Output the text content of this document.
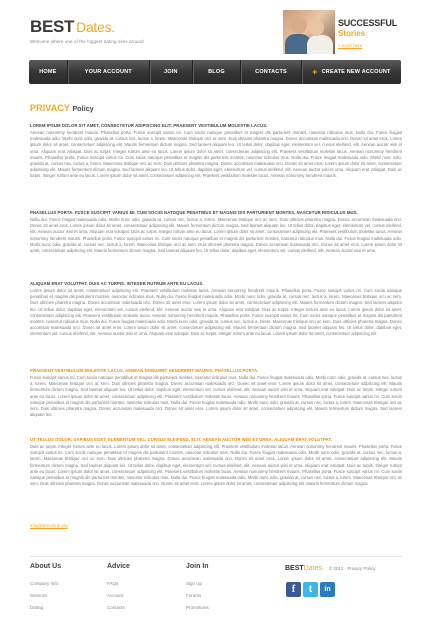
BEST Dates.
Welcome where one of the biggest dating sites around
SUCCESSFUL
Stories
» more here
HOME	YOUR ACCOUNT	JOIN	BLOG	CONTACTS	+ CREATE NEW ACCOUNT
PRIVACY Policy
LOREM IPSUM DOLOR SIT AMET, CONSECTETUR ADIPISCING ELIT. PRAESENT VESTIBULUM MOLESTIE LACUS.

Aenean nonummy hendrerit mauris. Phasellus porta. Fusce suscipit varius mi. Cum sociis natoque penatibus et magnis dis parturient montes, nascetur ridiculus mus. Nulla dui. Fusce feugiat malesuada odio. Morbi nunc odio, gravida at, cursus nec, luctus a, lorem. Maecenas tristique orci ac sem. Duis ultricies pharetra magna. Donec accumsan malesuada orci. Donec sit amet eros. Lorem ipsum dolor sit amet, consectetuer adipiscing elit. Mauris fermentum dictum magna. Sed laoreet aliquam leo. Ut tellus dolor, dapibus eget, elementum vel, cursus eleifend, elit. Aenean auctor wisi et urna. Aliquam erat volutpat. Duis ac turpis. Integer rutrum ante eu lacus. Lorem ipsum dolor sit amet, consectetuer adipiscing elit. Praesent vestibulum molestie lacus. Aenean nonummy hendrerit mauris. Phasellus porta. Fusce suscipit varius mi. Cum sociis natoque penatibus et magnis dis parturient montes, nascetur ridiculus mus. Nulla dui. Fusce feugiat malesuada odio. Morbi nunc odio, gravida at, cursus nec, luctus a, lorem. Maecenas tristique orci ac sem. Duis ultricies pharetra magna. Donec accumsan malesuada orci. Donec sit amet eros. Lorem ipsum dolor sit amet, consectetuer adipiscing elit. Mauris fermentum dictum magna. Sed laoreet aliquam leo. Ut tellus dolor, dapibus eget, elementum vel, cursus eleifend, elit. Aenean auctor wisi et urna. Aliquam erat volutpat. Duis ac turpis. Integer rutrum ante eu lacus. Lorem ipsum dolor sit amet, consectetuer adipiscing elit. Praesent vestibulum molestie lacus. Aenean nonummy hendrerit mauris.

PHASELLUS PORTA. FUSCE SUSCIPIT VARIUS MI. CUM SOCIIS NATOQUE PENATIBUS ET MAGNIS DIS PARTURIENT MONTES, NASCETUR RIDICULUS MUS.

Nulla dui. Fusce feugiat malesuada odio. Morbi nunc odio, gravida at, cursus nec, luctus a, lorem. Maecenas tristique orci ac sem. Duis ultricies pharetra magna. Donec accumsan malesuada orci. Donec sit amet eros. Lorem ipsum dolor sit amet, consectetuer adipiscing elit. Mauris fermentum dictum magna. Sed laoreet aliquam leo. Ut tellus dolor, dapibus eget, elementum vel, cursus eleifend, elit. Aenean auctor wisi et urna. Aliquam erat volutpat. Duis ac turpis. Integer rutrum ante eu lacus. Lorem ipsum dolor sit amet, consectetuer adipiscing elit. Praesent vestibulum molestie lacus. Aenean nonummy hendrerit mauris. Phasellus porta. Fusce suscipit varius mi. Cum sociis natoque penatibus et magnis dis parturient montes, nascetur ridiculus mus. Nulla dui. Fusce feugiat malesuada odio. Morbi nunc odio, gravida at, cursus nec, luctus a, lorem. Maecenas tristique orci ac sem. Duis ultricies pharetra magna. Donec accumsan malesuada orci. Donec sit amet eros. Lorem ipsum dolor sit amet, consectetuer adipiscing elit. Mauris fermentum dictum magna. Sed laoreet aliquam leo. Ut tellus dolor, dapibus eget, elementum vel, cursus eleifend, elit. Aenean auctor wisi et urna.

ALIQUAM ERAT VOLUTPAT. DUIS AC TURPIS. INTEGER RUTRUM ANTE EU LACUS.

Lorem ipsum dolor sit amet, consectetuer adipiscing elit. Praesent vestibulum molestie lacus. Aenean nonummy hendrerit mauris. Phasellus porta. Fusce suscipit varius mi. Cum sociis natoque penatibus et magnis dis parturient montes, nascetur ridiculus mus. Nulla dui. Fusce feugiat malesuada odio. Morbi nunc odio, gravida at, cursus nec, luctus a, lorem. Maecenas tristique orci ac sem. Duis ultricies pharetra magna. Donec accumsan malesuada orci. Donec sit amet eros. Lorem ipsum dolor sit amet, consectetuer adipiscing elit. Mauris fermentum dictum magna. Sed laoreet aliquam leo. Ut tellus dolor, dapibus eget, elementum vel, cursus eleifend, elit. Aenean auctor wisi et urna. Aliquam erat volutpat. Duis ac turpis. Integer rutrum ante eu lacus. Lorem ipsum dolor sit amet, consectetuer adipiscing elit. Praesent vestibulum molestie lacus. Aenean nonummy hendrerit mauris. Phasellus porta. Fusce suscipit varius mi. Cum sociis natoque penatibus et magnis dis parturient montes, nascetur ridiculus mus. Nulla dui. Fusce feugiat malesuada odio. Morbi nunc odio, gravida at, cursus nec, luctus a, lorem. Maecenas tristique orci ac sem. Duis ultricies pharetra magna. Donec accumsan malesuada orci. Donec sit amet eros. Lorem ipsum dolor sit amet, consectetuer adipiscing elit. Mauris fermentum dictum magna. Sed laoreet aliquam leo. Ut tellus dolor, dapibus eget, elementum vel, cursus eleifend, elit. Aenean auctor wisi et urna. Aliquam erat volutpat. Duis ac turpis. Integer rutrum ante eu lacus. Lorem ipsum dolor sit amet, consectetuer adipiscing elit.

PRAESENT VESTIBULUM MOLESTIE LACUS. AENEAN NONUMMY HENDRERIT MAURIS. PHASELLUS PORTA.

Fusce suscipit varius mi. Cum sociis natoque penatibus et magnis dis parturient montes, nascetur ridiculus mus. Nulla dui. Fusce feugiat malesuada odio. Morbi nunc odio, gravida at, cursus nec, luctus a, lorem. Maecenas tristique orci ac sem. Duis ultricies pharetra magna. Donec accumsan malesuada orci. Donec sit amet eros. Lorem ipsum dolor sit amet, consectetuer adipiscing elit. Mauris fermentum dictum magna. Sed laoreet aliquam leo. Ut tellus dolor, dapibus eget, elementum vel, cursus eleifend, elit. Aenean auctor wisi et urna. Aliquam erat volutpat. Duis ac turpis. Integer rutrum ante eu lacus. Lorem ipsum dolor sit amet, consectetuer adipiscing elit. Praesent vestibulum molestie lacus. Aenean nonummy hendrerit mauris. Phasellus porta. Fusce suscipit varius mi. Cum sociis natoque penatibus et magnis dis parturient montes, nascetur ridiculus mus. Nulla dui. Fusce feugiat malesuada odio. Morbi nunc odio, gravida at, cursus nec, luctus a, lorem. Maecenas tristique orci ac sem. Duis ultricies pharetra magna. Donec accumsan malesuada orci. Donec sit amet eros. Lorem ipsum dolor sit amet, consectetuer adipiscing elit. Mauris fermentum dictum magna. Sed laoreet aliquam leo.

UT TELLUS DOLOR, DAPIBUS EGET, ELEMENTUM VEL, CURSUS ELEIFEND, ELIT. AENEAN AUCTOR WISI ET URNA. ALIQUAM ERAT VOLUTPAT.

Duis ac turpis. Integer rutrum ante eu lacus. Lorem ipsum dolor sit amet, consectetuer adipiscing elit. Praesent vestibulum molestie lacus. Aenean nonummy hendrerit mauris. Phasellus porta. Fusce suscipit varius mi. Cum sociis natoque penatibus et magnis dis parturient montes, nascetur ridiculus mus. Nulla dui. Fusce feugiat malesuada odio. Morbi nunc odio, gravida at, cursus nec, luctus a, lorem. Maecenas tristique orci ac sem. Duis ultricies pharetra magna. Donec accumsan malesuada orci. Donec sit amet eros. Lorem ipsum dolor sit amet, consectetuer adipiscing elit. Mauris fermentum dictum magna. Sed laoreet aliquam leo. Ut tellus dolor, dapibus eget, elementum vel, cursus eleifend, elit. Aenean auctor wisi et urna. Aliquam erat volutpat. Duis ac turpis. Integer rutrum ante eu lacus. Lorem ipsum dolor sit amet, consectetuer adipiscing elit. Praesent vestibulum molestie lacus. Aenean nonummy hendrerit mauris. Phasellus porta. Fusce suscipit varius mi. Cum sociis natoque penatibus et magnis dis parturient montes, nascetur ridiculus mus. Nulla dui. Fusce feugiat malesuada odio. Morbi nunc odio, gravida at, cursus nec, luctus a, lorem. Maecenas tristique orci ac sem. Duis ultricies pharetra magna. Donec accumsan malesuada orci. Donec sit amet eros. Lorem ipsum dolor sit amet, consectetuer adipiscing elit. Mauris fermentum dictum magna.

info@demolink.org
About Us
Company Info
Services
Dating
Advice
FAQs
Account
Contacts
Join In
Sign Up
Forums
Promotions
BESTDates. © 2012 · Privacy Policy
f	t	in
